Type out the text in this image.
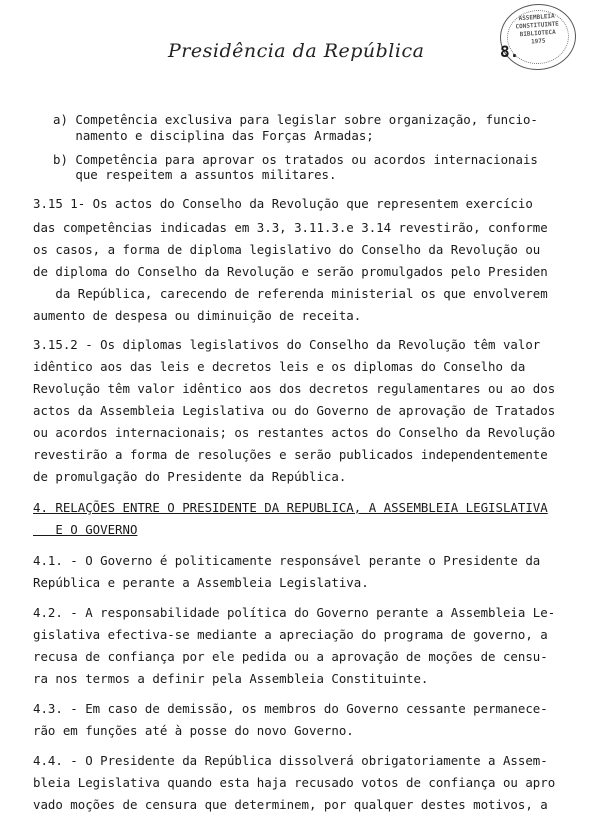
ASSEMBLEIA
CONSTITUINTE
BIBLIOTECA
1975
Presidência da República	8.
a) Competência exclusiva para legislar sobre organização, funcio-
namento e disciplina das Forças Armadas;
b) Competência para aprovar os tratados ou acordos internacionais
que respeitem a assuntos militares.
3.15 1- Os actos do Conselho da Revolução que representem exercício
das competências indicadas em 3.3, 3.11.3.e 3.14 revestirão, conforme
os casos, a forma de diploma legislativo do Conselho da Revolução ou
de diploma do Conselho da Revolução e serão promulgados pelo Presiden
da República, carecendo de referenda ministerial os que envolverem
aumento de despesa ou diminuição de receita.
3.15.2 - Os diplomas legislativos do Conselho da Revolução têm valor
idêntico aos das leis e decretos leis e os diplomas do Conselho da
Revolução têm valor idêntico aos dos decretos regulamentares ou ao dos
actos da Assembleia Legislativa ou do Governo de aprovação de Tratados
ou acordos internacionais; os restantes actos do Conselho da Revolução
revestirão a forma de resoluções e serão publicados independentemente
de promulgação do Presidente da República.
4. RELAÇÕES ENTRE O PRESIDENTE DA REPUBLICA, A ASSEMBLEIA LEGISLATIVA
E O GOVERNO
4.1. - O Governo é politicamente responsável perante o Presidente da
República e perante a Assembleia Legislativa.
4.2. - A responsabilidade política do Governo perante a Assembleia Le-
gislativa efectiva-se mediante a apreciação do programa de governo, a
recusa de confiança por ele pedida ou a aprovação de moções de censu-
ra nos termos a definir pela Assembleia Constituinte.
4.3. - Em caso de demissão, os membros do Governo cessante permanece-
rão em funções até à posse do novo Governo.
4.4. - O Presidente da República dissolverá obrigatoriamente a Assem-
bleia Legislativa quando esta haja recusado votos de confiança ou apro
vado moções de censura que determinem, por qualquer destes motivos, a
